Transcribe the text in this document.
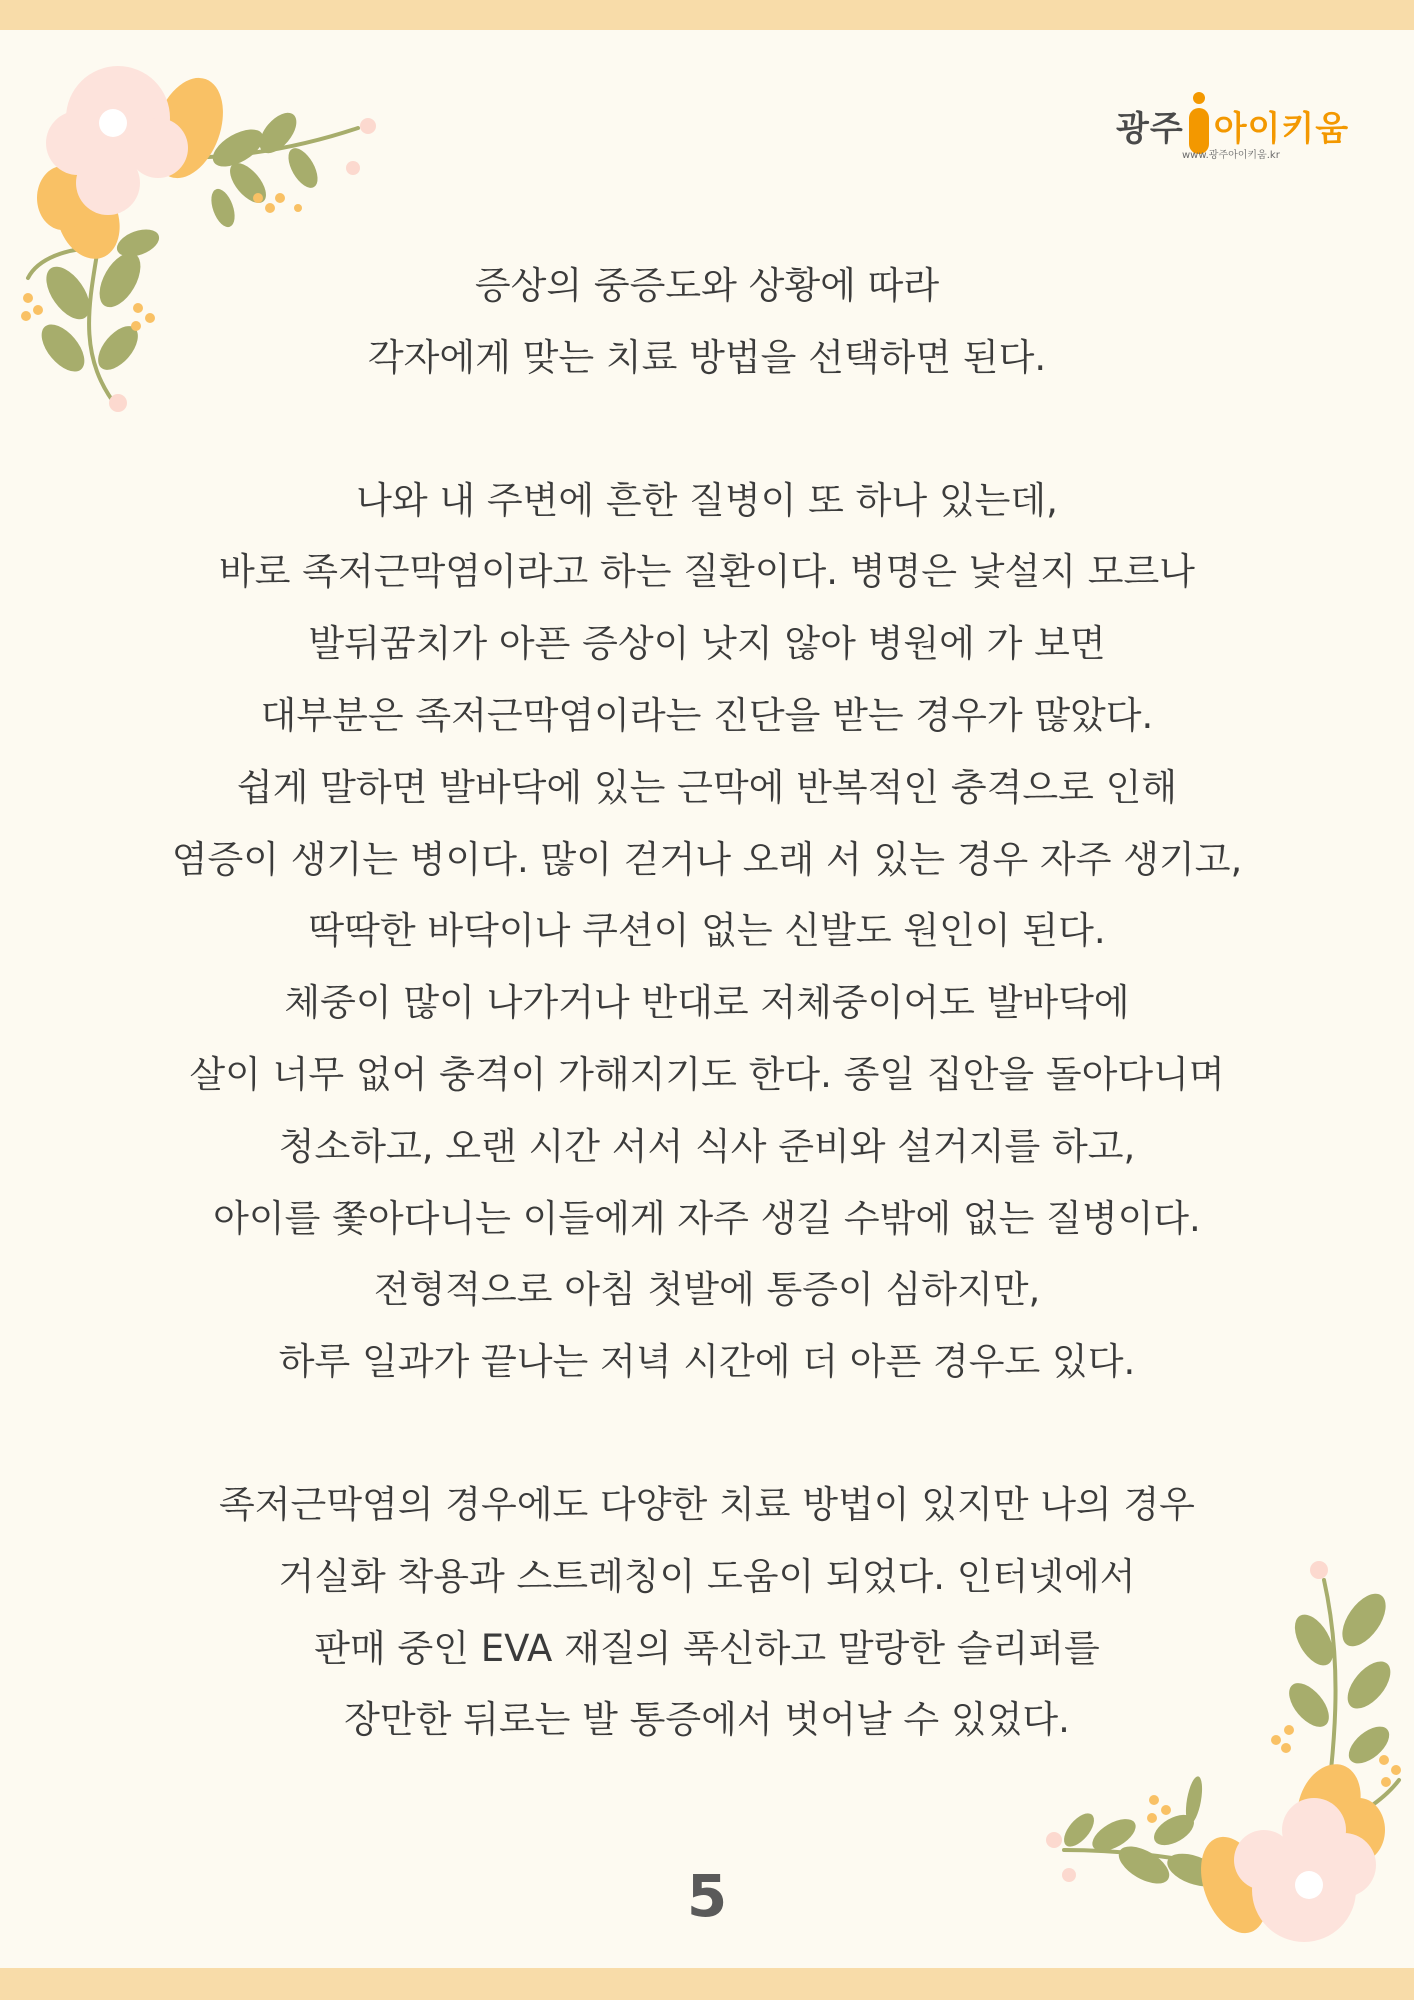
광주 아이키움
www.광주아이키움.kr
증상의 중증도와 상황에 따라
각자에게 맞는 치료 방법을 선택하면 된다.
나와 내 주변에 흔한 질병이 또 하나 있는데,
바로 족저근막염이라고 하는 질환이다. 병명은 낯설지 모르나
발뒤꿈치가 아픈 증상이 낫지 않아 병원에 가 보면
대부분은 족저근막염이라는 진단을 받는 경우가 많았다.
쉽게 말하면 발바닥에 있는 근막에 반복적인 충격으로 인해
염증이 생기는 병이다. 많이 걷거나 오래 서 있는 경우 자주 생기고,
딱딱한 바닥이나 쿠션이 없는 신발도 원인이 된다.
체중이 많이 나가거나 반대로 저체중이어도 발바닥에
살이 너무 없어 충격이 가해지기도 한다. 종일 집안을 돌아다니며
청소하고, 오랜 시간 서서 식사 준비와 설거지를 하고,
아이를 쫓아다니는 이들에게 자주 생길 수밖에 없는 질병이다.
전형적으로 아침 첫발에 통증이 심하지만,
하루 일과가 끝나는 저녁 시간에 더 아픈 경우도 있다.
족저근막염의 경우에도 다양한 치료 방법이 있지만 나의 경우
거실화 착용과 스트레칭이 도움이 되었다. 인터넷에서
판매 중인 EVA 재질의 푹신하고 말랑한 슬리퍼를
장만한 뒤로는 발 통증에서 벗어날 수 있었다.
5
